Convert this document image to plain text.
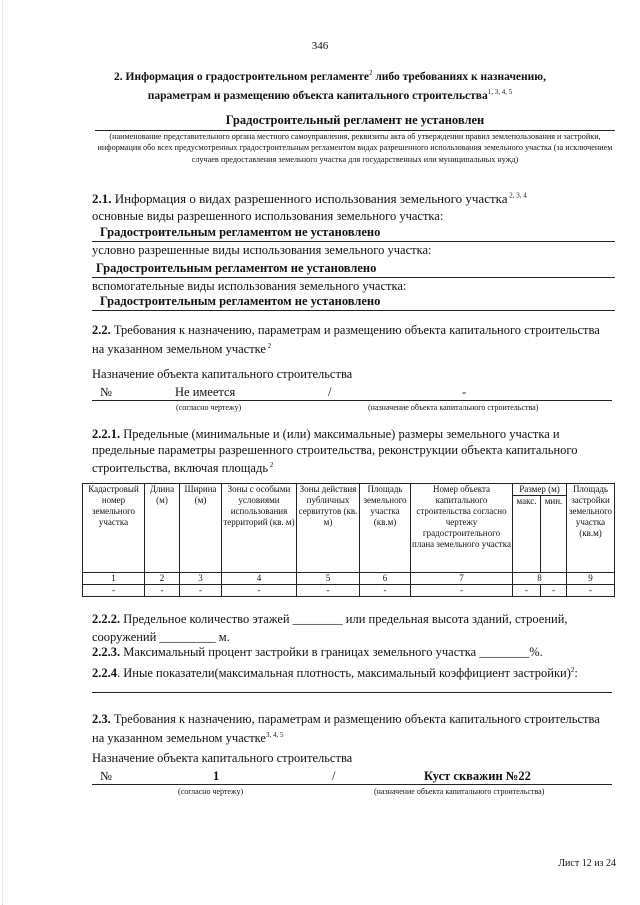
346
2. Информация о градостроительном регламенте$^2$ либо требованиях к назначению,
параметрам и размещению объекта капитального строительства$^{1, 3, 4, 5}$
Градостроительный регламент не установлен
(наименование представительного органа местного самоуправления, реквизиты акта об утверждении правил землепользования и застройки, информация обо всех предусмотренных градостроительным регламентом видах разрешенного использования земельного участка (за исключением случаев предоставления земельного участка для государственных или муниципальных нужд)
2.1. Информация о видах разрешенного использования земельного участка $^{2, 3, 4}$
основные виды разрешенного использования земельного участка:
Градостроительным регламентом не установлено
условно разрешенные виды использования земельного участка:
Градостроительным регламентом не установлено
вспомогательные виды использования земельного участка:
Градостроительным регламентом не установлено
2.2. Требования к назначению, параметрам и размещению объекта капитального строительства
на указанном земельном участке $^2$
Назначение объекта капитального строительства
№	Не имеется	/	-
(согласно чертежу)	(назначение объекта капитального строительства)
2.2.1. Предельные (минимальные и (или) максимальные) размеры земельного участка и
предельные параметры разрешенного строительства, реконструкции объекта капитального
строительства, включая площадь $^2$
Кадастровый номер земельного участка	Длина (м)	Ширина (м)	Зоны с особыми условиями использования территорий (кв. м)	Зоны действия публичных сервитутов (кв. м)	Площадь земельного участка (кв.м)	Номер объекта капитального строительства согласно чертежу градостроительного плана земельного участка	Размер (м)		Площадь застройки земельного участка (кв.м)
							макс.	мин.	
1	2	3	4	5	6	7	8		9
-	-	-	-	-	-	-	-	-	-
2.2.2. Предельное количество этажей ________ или предельная высота зданий, строений,
сооружений _________ м.
2.2.3. Максимальный процент застройки в границах земельного участка ________%.
2.2.4. Иные показатели(максимальная плотность, максимальный коэффициент застройки)$^2$:
2.3. Требования к назначению, параметрам и размещению объекта капитального строительства
на указанном земельном участке$^{3, 4, 5}$
Назначение объекта капитального строительства
№	1	/	Куст скважин №22
(согласно чертежу)	(назначение объекта капитального строительства)
Лист 12 из 24
